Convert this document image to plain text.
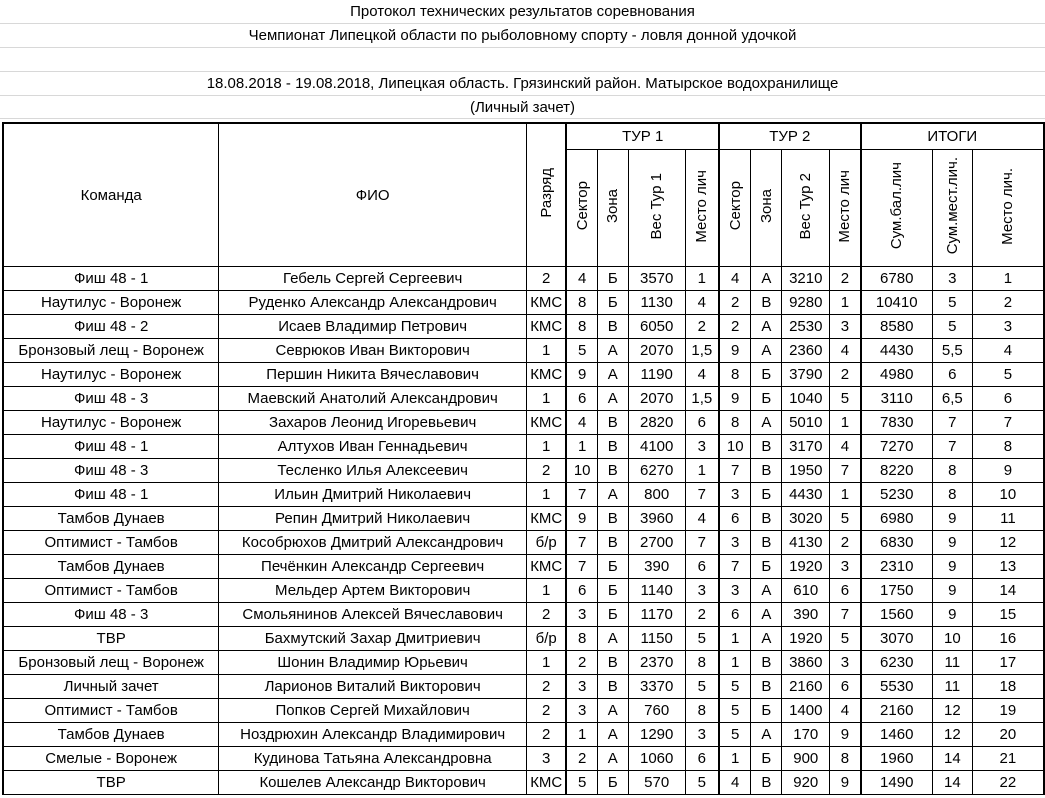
Протокол технических результатов соревнования
Чемпионат Липецкой области по рыболовному спорту - ловля донной удочкой
18.08.2018 - 19.08.2018, Липецкая область. Грязинский район. Матырское водохранилище
(Личный зачет)
Команда	ФИО	Разряд	ТУР 1				ТУР 2				ИТОГИ		
			Сектор	Зона	Вес Тур 1	Место лич	Сектор	Зона	Вес Тур 2	Место лич	Сум.бал.лич	Сум.мест.лич.	Место лич.
Фиш 48 - 1	Гебель Сергей Сергеевич	2	4	Б	3570	1	4	А	3210	2	6780	3	1
Наутилус - Воронеж	Руденко Александр Александрович	КМС	8	Б	1130	4	2	В	9280	1	10410	5	2
Фиш 48 - 2	Исаев Владимир Петрович	КМС	8	В	6050	2	2	А	2530	3	8580	5	3
Бронзовый лещ - Воронеж	Севрюков Иван Викторович	1	5	А	2070	1,5	9	А	2360	4	4430	5,5	4
Наутилус - Воронеж	Першин Никита Вячеславович	КМС	9	А	1190	4	8	Б	3790	2	4980	6	5
Фиш 48 - 3	Маевский Анатолий Александрович	1	6	А	2070	1,5	9	Б	1040	5	3110	6,5	6
Наутилус - Воронеж	Захаров Леонид Игоревьевич	КМС	4	В	2820	6	8	А	5010	1	7830	7	7
Фиш 48 - 1	Алтухов Иван Геннадьевич	1	1	В	4100	3	10	В	3170	4	7270	7	8
Фиш 48 - 3	Тесленко Илья Алексеевич	2	10	В	6270	1	7	В	1950	7	8220	8	9
Фиш 48 - 1	Ильин Дмитрий Николаевич	1	7	А	800	7	3	Б	4430	1	5230	8	10
Тамбов Дунаев	Репин Дмитрий Николаевич	КМС	9	В	3960	4	6	В	3020	5	6980	9	11
Оптимист - Тамбов	Кособрюхов Дмитрий Александрович	б/р	7	В	2700	7	3	В	4130	2	6830	9	12
Тамбов Дунаев	Печёнкин Александр Сергеевич	КМС	7	Б	390	6	7	Б	1920	3	2310	9	13
Оптимист - Тамбов	Мельдер Артем Викторович	1	6	Б	1140	3	3	А	610	6	1750	9	14
Фиш 48 - 3	Смольянинов Алексей Вячеславович	2	3	Б	1170	2	6	А	390	7	1560	9	15
ТВР	Бахмутский Захар Дмитриевич	б/р	8	А	1150	5	1	А	1920	5	3070	10	16
Бронзовый лещ - Воронеж	Шонин Владимир Юрьевич	1	2	В	2370	8	1	В	3860	3	6230	11	17
Личный зачет	Ларионов Виталий Викторович	2	3	В	3370	5	5	В	2160	6	5530	11	18
Оптимист - Тамбов	Попков Сергей Михайлович	2	3	А	760	8	5	Б	1400	4	2160	12	19
Тамбов Дунаев	Ноздрюхин Александр Владимирович	2	1	А	1290	3	5	А	170	9	1460	12	20
Смелые - Воронеж	Кудинова Татьяна Александровна	3	2	А	1060	6	1	Б	900	8	1960	14	21
ТВР	Кошелев Александр Викторович	КМС	5	Б	570	5	4	В	920	9	1490	14	22
